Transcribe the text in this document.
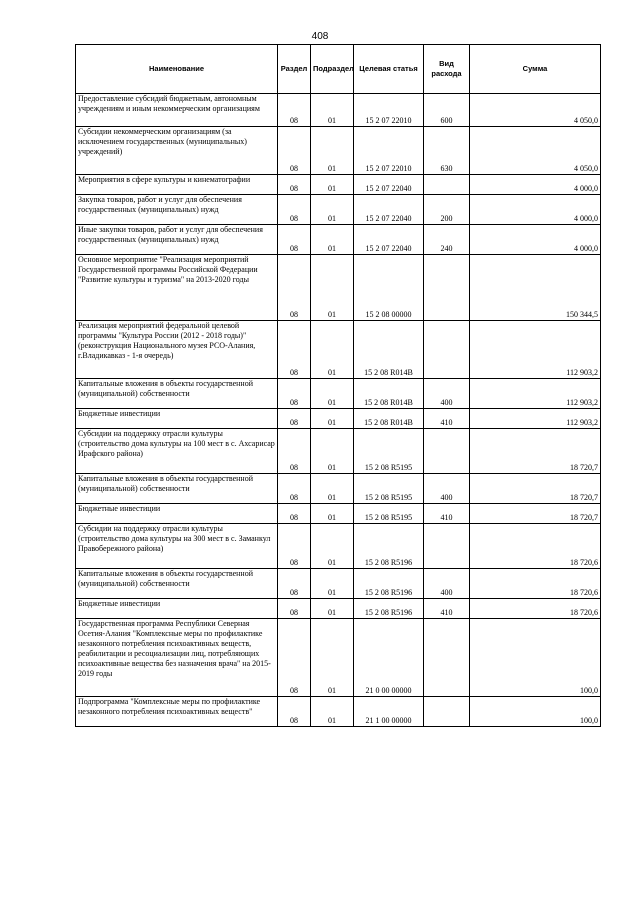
408
Наименование	Раздел	Подраздел	Целевая статья	Вид расхода	Сумма
Предоставление субсидий бюджетным, автономным учреждениям и иным некоммерческим организациям	08	01	15 2 07 22010	600	4 050,0
Субсидии некоммерческим организациям (за исключением государственных (муниципальных) учреждений)	08	01	15 2 07 22010	630	4 050,0
Мероприятия в сфере культуры и кинематографии	08	01	15 2 07 22040		4 000,0
Закупка товаров, работ и услуг для обеспечения государственных (муниципальных) нужд	08	01	15 2 07 22040	200	4 000,0
Иные закупки товаров, работ и услуг для обеспечения государственных (муниципальных) нужд	08	01	15 2 07 22040	240	4 000,0
Основное мероприятие "Реализация мероприятий Государственной программы Российской Федерации "Развитие культуры и туризма" на 2013-2020 годы	08	01	15 2 08 00000		150 344,5
Реализация мероприятий федеральной целевой программы "Культура России (2012 - 2018 годы)" (реконструкция Национального музея РСО-Алания, г.Владикавказ - 1-я очередь)	08	01	15 2 08 R014B		112 903,2
Капитальные вложения в объекты государственной (муниципальной) собственности	08	01	15 2 08 R014B	400	112 903,2
Бюджетные инвестиции	08	01	15 2 08 R014B	410	112 903,2
Субсидии на поддержку отрасли культуры (строительство дома культуры на 100 мест в с. Ахсарисар Ирафского района)	08	01	15 2 08 R5195		18 720,7
Капитальные вложения в объекты государственной (муниципальной) собственности	08	01	15 2 08 R5195	400	18 720,7
Бюджетные инвестиции	08	01	15 2 08 R5195	410	18 720,7
Субсидии на поддержку отрасли культуры (строительство дома культуры на 300 мест в с. Заманкул Правобережного района)	08	01	15 2 08 R5196		18 720,6
Капитальные вложения в объекты государственной (муниципальной) собственности	08	01	15 2 08 R5196	400	18 720,6
Бюджетные инвестиции	08	01	15 2 08 R5196	410	18 720,6
Государственная программа Республики Северная Осетия-Алания "Комплексные меры по профилактике незаконного потребления психоактивных веществ, реабилитации и ресоциализации лиц, потребляющих психоактивные вещества без назначения врача" на 2015-2019 годы	08	01	21 0 00 00000		100,0
Подпрограмма "Комплексные меры по профилактике незаконного потребления психоактивных веществ"	08	01	21 1 00 00000		100,0
